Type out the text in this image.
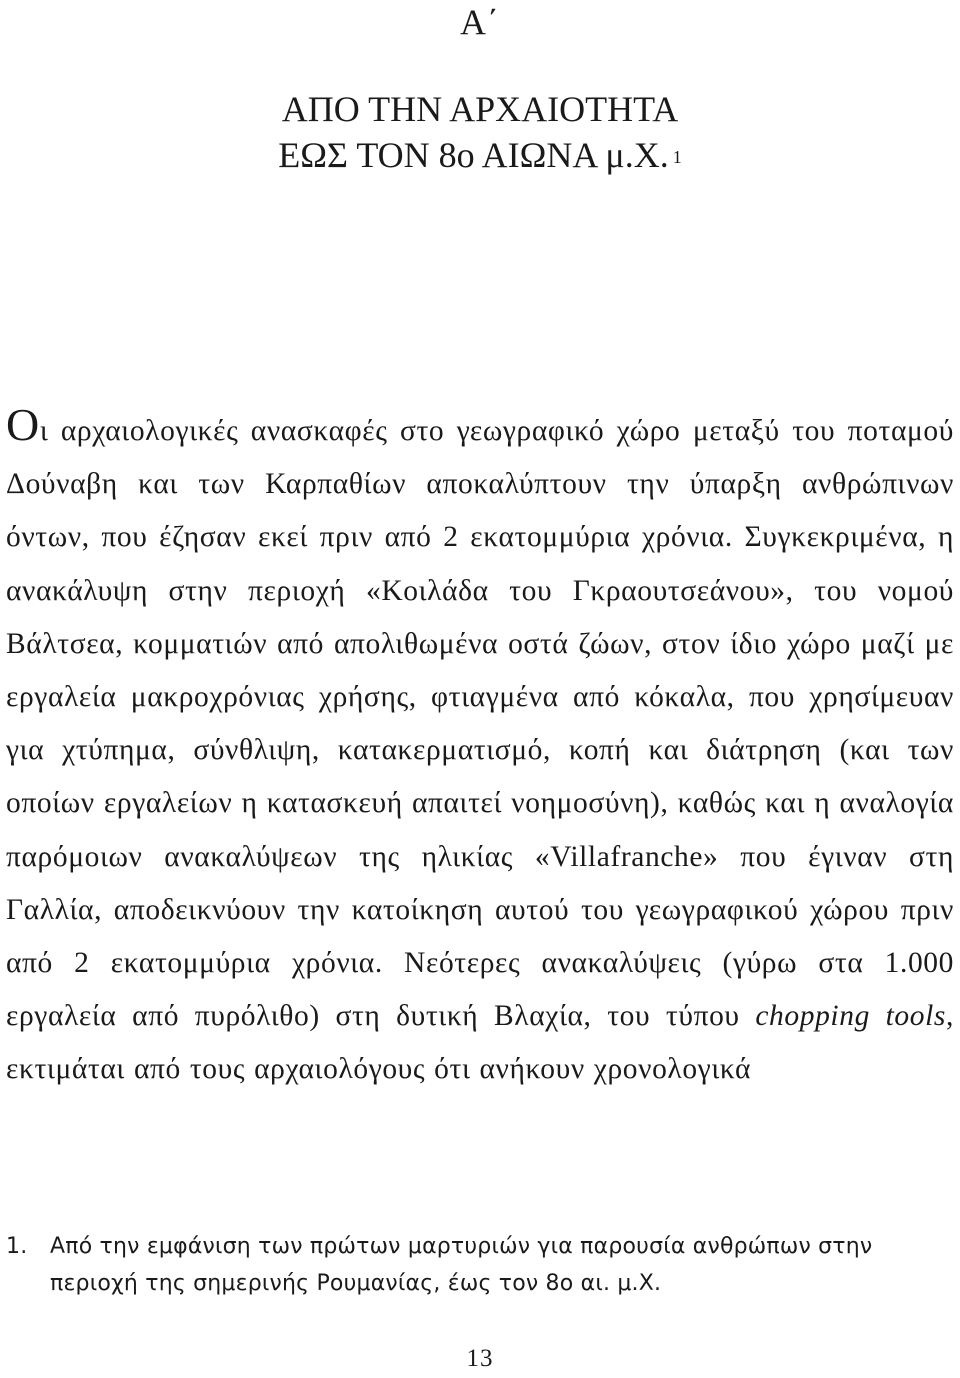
Α΄
ΑΠΟ ΤΗΝ ΑΡΧΑΙΟΤΗΤΑ
ΕΩΣ ΤΟΝ 8ο ΑΙΩΝΑ μ.Χ. $^1$
Οι αρχαιολογικές ανασκαφές στο γεωγραφικό χώρο μεταξύ του ποταμού Δούναβη και των Καρπαθίων αποκαλύπτουν την ύπαρξη ανθρώπινων όντων, που έζησαν εκεί πριν από 2 εκατομμύρια χρόνια. Συγκεκριμένα, η ανακάλυψη στην περιοχή «Κοιλάδα του Γκραουτσεάνου», του νομού Βάλτσεα, κομματιών από απολιθωμένα οστά ζώων, στον ίδιο χώρο μαζί με εργαλεία μακροχρόνιας χρήσης, φτιαγμένα από κόκαλα, που χρησίμευαν για χτύπημα, σύνθλιψη, κατακερματισμό, κοπή και διάτρηση (και των οποίων εργαλείων η κατασκευή απαιτεί νοημοσύνη), καθώς και η αναλογία παρόμοιων ανακαλύψεων της ηλικίας «Villafranche» που έγιναν στη Γαλλία, αποδεικνύουν την κατοίκηση αυτού του γεωγραφικού χώρου πριν από 2 εκατομμύρια χρόνια. Νεότερες ανακαλύψεις (γύρω στα 1.000 εργαλεία από πυρόλιθο) στη δυτική Βλαχία, του τύπου chopping tools, εκτιμάται από τους αρχαιολόγους ότι ανήκουν χρονολογικά
1.	Από την εμφάνιση των πρώτων μαρτυριών για παρουσία ανθρώπων στην περιοχή της σημερινής Ρουμανίας, έως τον 8ο αι. μ.Χ.
13
